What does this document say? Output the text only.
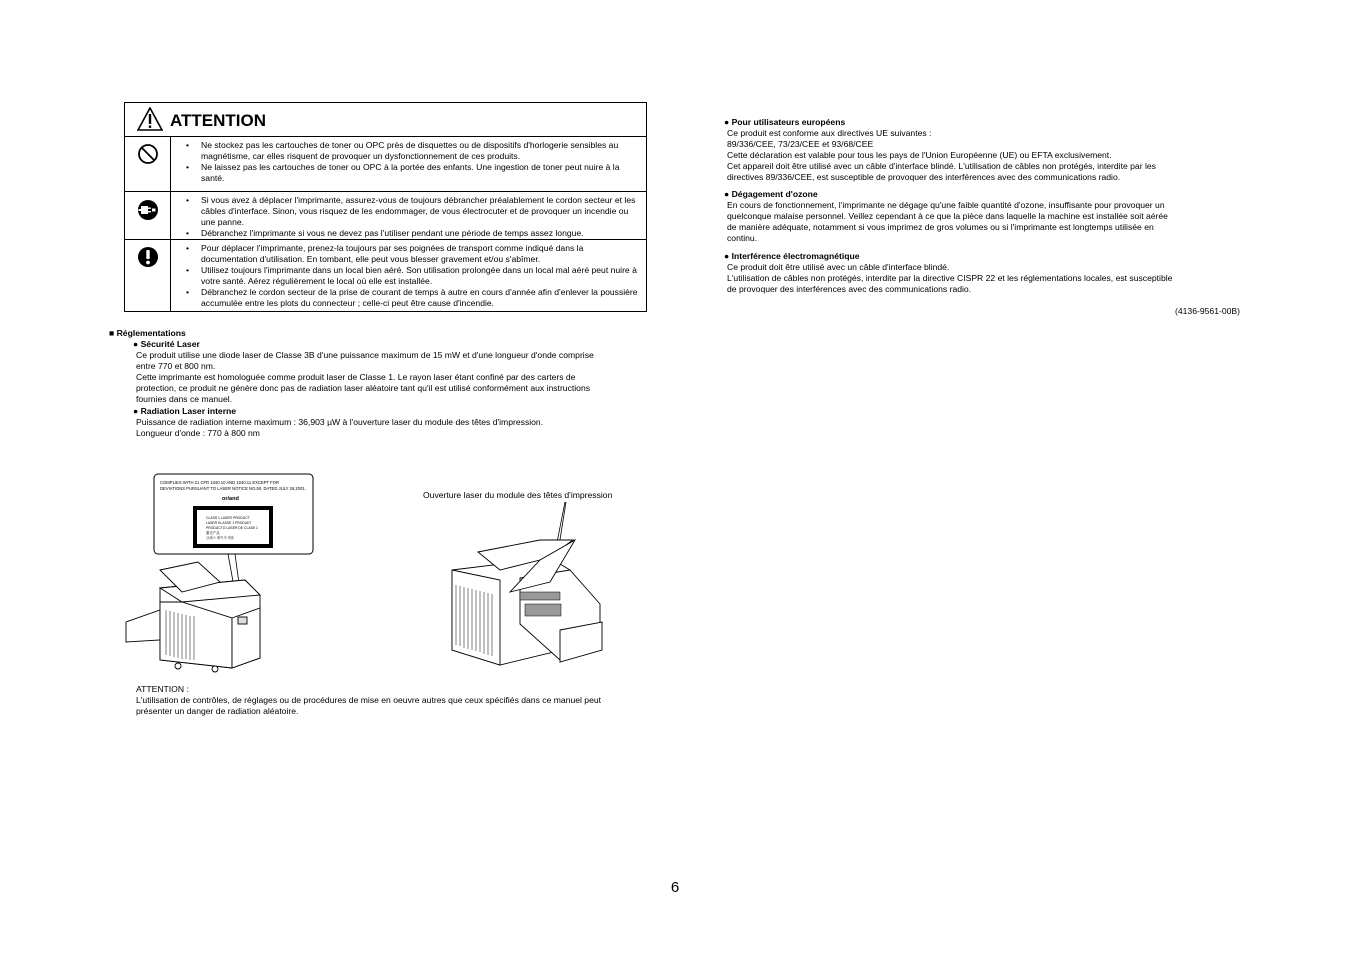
ATTENTION
• Ne stockez pas les cartouches de toner ou OPC près de disquettes ou de dispositifs d'horlogerie sensibles au magnétisme, car elles risquent de provoquer un dysfonctionnement de ces produits.
• Ne laissez pas les cartouches de toner ou OPC à la portée des enfants. Une ingestion de toner peut nuire à la santé.
• Si vous avez à déplacer l'imprimante, assurez-vous de toujours débrancher préalablement le cordon secteur et les câbles d'interface. Sinon, vous risquez de les endommager, de vous électrocuter et de provoquer un incendie ou une panne.
• Débranchez l'imprimante si vous ne devez pas l'utiliser pendant une période de temps assez longue.
• Pour déplacer l'imprimante, prenez-la toujours par ses poignées de transport comme indiqué dans la documentation d'utilisation. En tombant, elle peut vous blesser gravement et/ou s'abîmer.
• Utilisez toujours l'imprimante dans un local bien aéré. Son utilisation prolongée dans un local mal aéré peut nuire à votre santé. Aérez régulièrement le local où elle est installée.
• Débranchez le cordon secteur de la prise de courant de temps à autre en cours d'année afin d'enlever la poussière accumulée entre les plots du connecteur ; celle-ci peut être cause d'incendie.
■ Réglementations
● Sécurité Laser
Ce produit utilise une diode laser de Classe 3B d'une puissance maximum de 15 mW et d'une longueur d'onde comprise
entre 770 et 800 nm.
Cette imprimante est homologuée comme produit laser de Classe 1. Le rayon laser étant confiné par des carters de
protection, ce produit ne génère donc pas de radiation laser aléatoire tant qu'il est utilisé conformément aux instructions
fournies dans ce manuel.
● Radiation Laser interne
Puissance de radiation interne maximum : 36,903 µW à l'ouverture laser du module des têtes d'impression.
Longueur d'onde : 770 à 800 nm
COMPLIES WITH 21 CFR 1040.10 AND 1040.11 EXCEPT FOR
DEVIATIONS PURSUANT TO LASER NOTICE NO.50, DATED JULY 26,2001.
or/and
CLASS 1 LASER PRODUCT
LASER KLASSE 1 PRODUKT
PRODUCTO LASER DE CLASE 1
激光产品
클래스 레이저 제품
Ouverture laser du module des têtes d'impression
ATTENTION :
L'utilisation de contrôles, de réglages ou de procédures de mise en oeuvre autres que ceux spécifiés dans ce manuel peut
présenter un danger de radiation aléatoire.
● Pour utilisateurs européens
Ce produit est conforme aux directives UE suivantes :
89/336/CEE, 73/23/CEE et 93/68/CEE
Cette déclaration est valable pour tous les pays de l'Union Européenne (UE) ou EFTA exclusivement.
Cet appareil doit être utilisé avec un câble d'interface blindé. L'utilisation de câbles non protégés, interdite par les
directives 89/336/CEE, est susceptible de provoquer des interférences avec des communications radio.
● Dégagement d'ozone
En cours de fonctionnement, l'imprimante ne dégage qu'une faible quantité d'ozone, insuffisante pour provoquer un
quelconque malaise personnel. Veillez cependant à ce que la pièce dans laquelle la machine est installée soit aérée
de manière adéquate, notamment si vous imprimez de gros volumes ou si l'imprimante est longtemps utilisée en
continu.
● Interférence électromagnétique
Ce produit doit être utilisé avec un câble d'interface blindé.
L'utilisation de câbles non protégés, interdite par la directive CISPR 22 et les réglementations locales, est susceptible
de provoquer des interférences avec des communications radio.
(4136-9561-00B)
6
